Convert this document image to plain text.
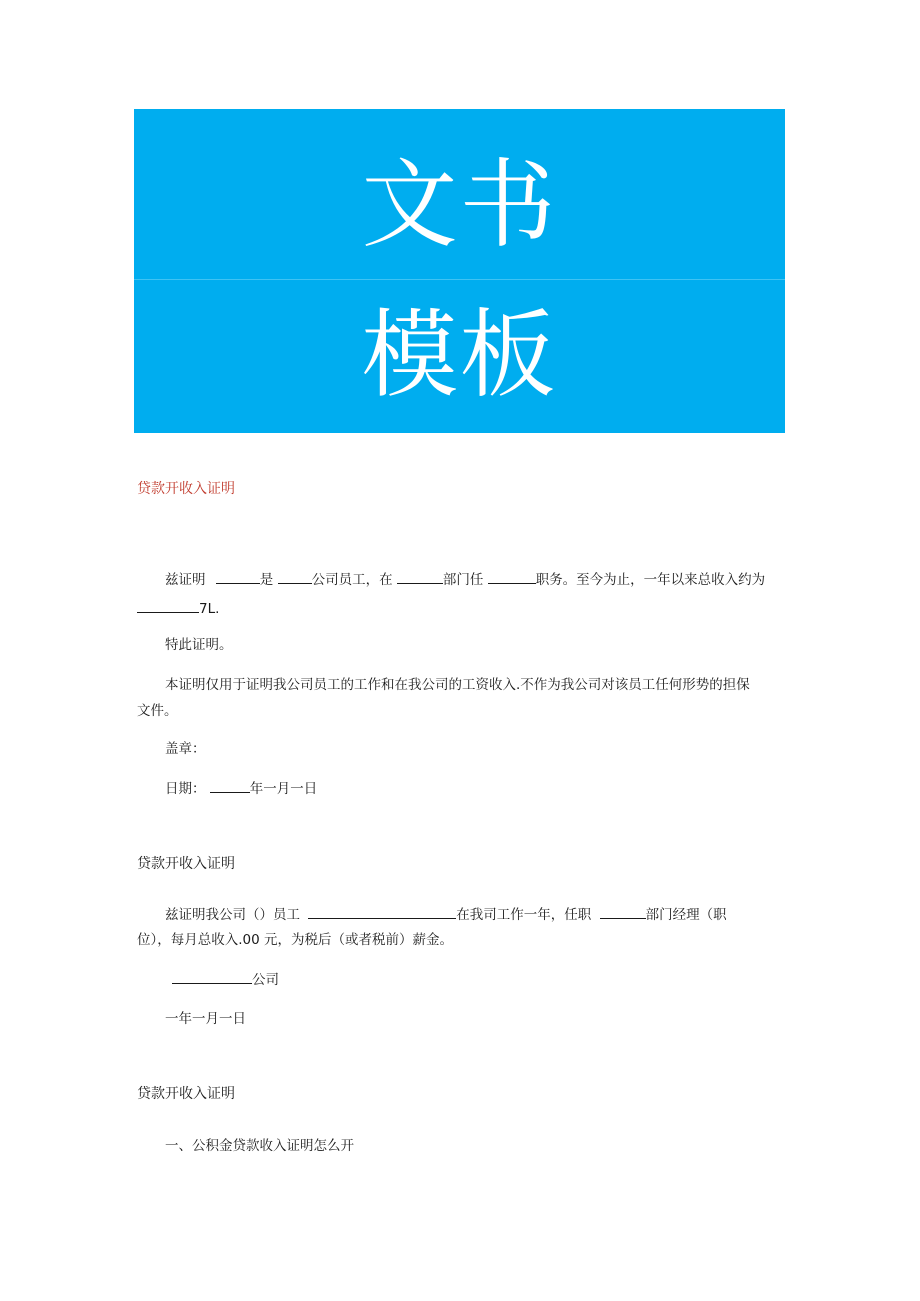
文书
模板
贷款开收入证明
兹证明	是	公司员工，在	部门任	职务。至今为止，一年以来总收入约为
7L.
特此证明。
本证明仅用于证明我公司员工的工作和在我公司的工资收入.不作为我公司对该员工任何形势的担保
文件。
盖章：
日期：	年一月一日
贷款开收入证明
兹证明我公司（）员工	在我司工作一年，任职	部门经理（职
位），每月总收入.00 元，为税后（或者税前）薪金。
公司
一年一月一日
贷款开收入证明
一、公积金贷款收入证明怎么开
